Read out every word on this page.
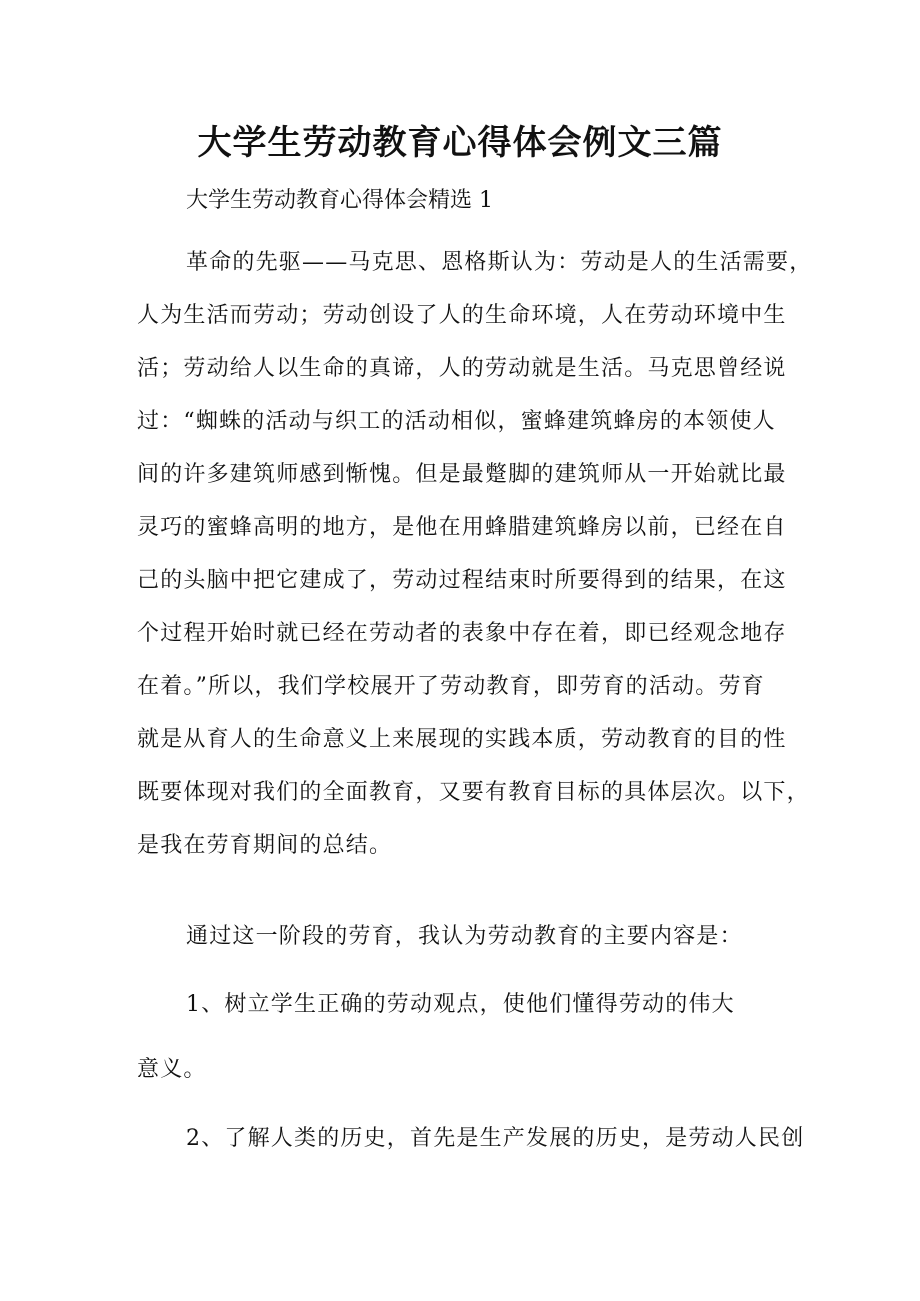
大学生劳动教育心得体会例文三篇

大学生劳动教育心得体会精选 1

革命的先驱——马克思、恩格斯认为：劳动是人的生活需要，
人为生活而劳动；劳动创设了人的生命环境，人在劳动环境中生
活；劳动给人以生命的真谛，人的劳动就是生活。马克思曾经说
过：“蜘蛛的活动与织工的活动相似，蜜蜂建筑蜂房的本领使人
间的许多建筑师感到惭愧。但是最蹩脚的建筑师从一开始就比最
灵巧的蜜蜂高明的地方，是他在用蜂腊建筑蜂房以前，已经在自
己的头脑中把它建成了，劳动过程结束时所要得到的结果，在这
个过程开始时就已经在劳动者的表象中存在着，即已经观念地存
在着。”所以，我们学校展开了劳动教育，即劳育的活动。劳育
就是从育人的生命意义上来展现的实践本质，劳动教育的目的性
既要体现对我们的全面教育，又要有教育目标的具体层次。以下，
是我在劳育期间的总结。
通过这一阶段的劳育，我认为劳动教育的主要内容是：
1、树立学生正确的劳动观点，使他们懂得劳动的伟大
意义。
2、了解人类的历史，首先是生产发展的历史，是劳动人民创
